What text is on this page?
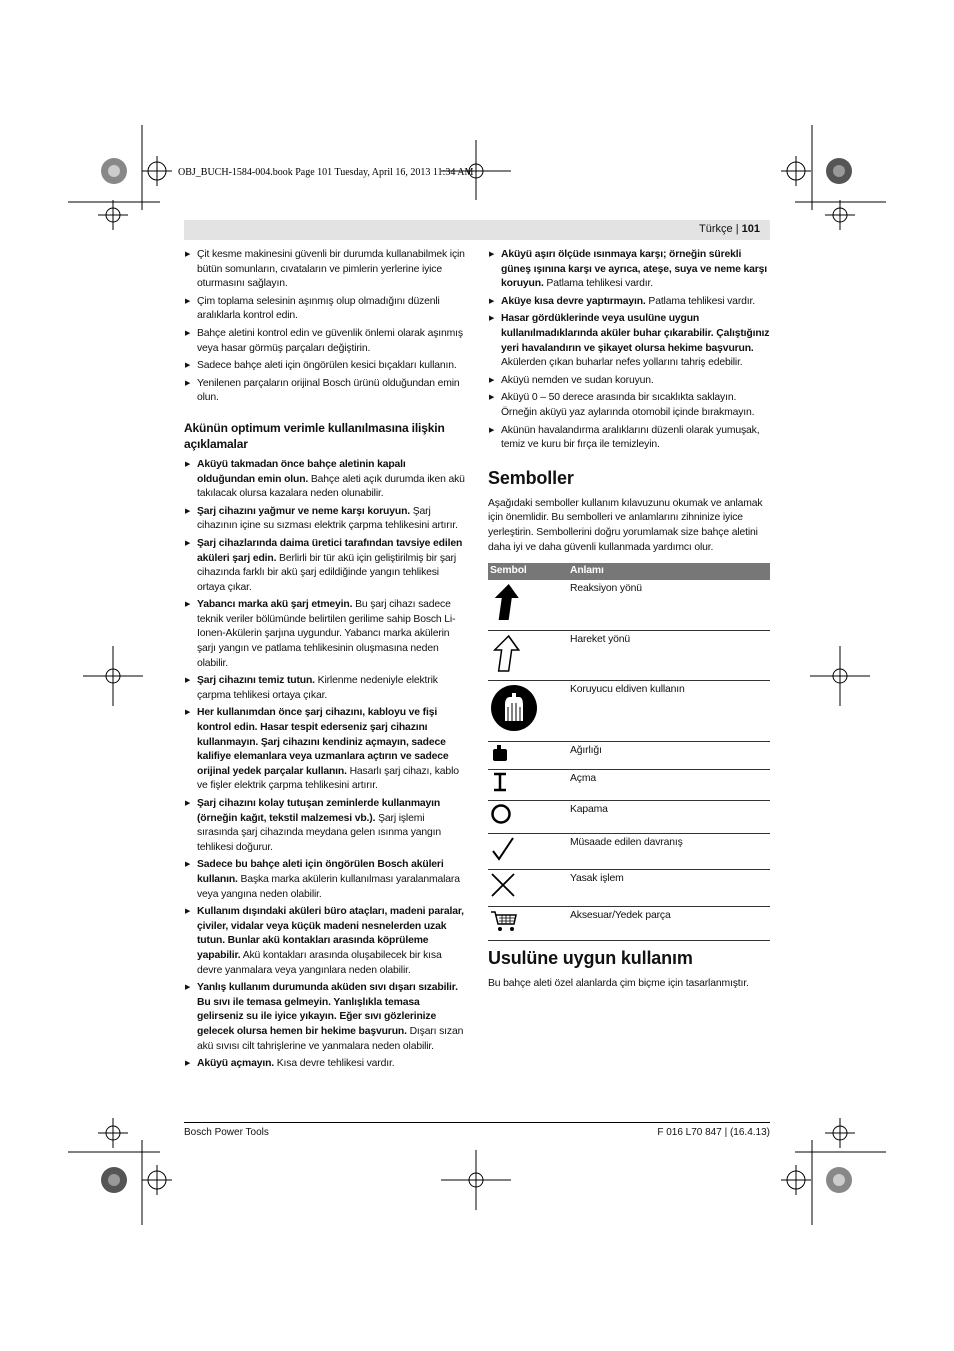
OBJ_BUCH-1584-004.book Page 101 Tuesday, April 16, 2013 11:34 AM
Türkçe | 101
▶ Çit kesme makinesini güvenli bir durumda kullanabilmek için bütün somunların, cıvataların ve pimlerin yerlerine iyice oturmasını sağlayın.
▶ Çim toplama selesinin aşınmış olup olmadığını düzenli aralıklarla kontrol edin.
▶ Bahçe aletini kontrol edin ve güvenlik önlemi olarak aşınmış veya hasar görmüş parçaları değiştirin.
▶ Sadece bahçe aleti için öngörülen kesici bıçakları kullanın.
▶ Yenilenen parçaların orijinal Bosch ürünü olduğundan emin olun.
Akünün optimum verimle kullanılmasına ilişkin açıklamalar
▶ Aküyü takmadan önce bahçe aletinin kapalı olduğundan emin olun. Bahçe aleti açık durumda iken akü takılacak olursa kazalara neden olunabilir.
▶ Şarj cihazını yağmur ve neme karşı koruyun. Şarj cihazının içine su sızması elektrik çarpma tehlikesini artırır.
▶ Şarj cihazlarında daima üretici tarafından tavsiye edilen aküleri şarj edin. Berlirli bir tür akü için geliştirilmiş bir şarj cihazında farklı bir akü şarj edildiğinde yangın tehlikesi ortaya çıkar.
▶ Yabancı marka akü şarj etmeyin. Bu şarj cihazı sadece teknik veriler bölümünde belirtilen gerilime sahip Bosch Li-Ionen-Akülerin şarjına uygundur. Yabancı marka akülerin şarjı yangın ve patlama tehlikesinin oluşmasına neden olabilir.
▶ Şarj cihazını temiz tutun. Kirlenme nedeniyle elektrik çarpma tehlikesi ortaya çıkar.
▶ Her kullanımdan önce şarj cihazını, kabloyu ve fişi kontrol edin. Hasar tespit ederseniz şarj cihazını kullanmayın. Şarj cihazını kendiniz açmayın, sadece kalifiye elemanlara veya uzmanlara açtırın ve sadece orijinal yedek parçalar kullanın. Hasarlı şarj cihazı, kablo ve fişler elektrik çarpma tehlikesini artırır.
▶ Şarj cihazını kolay tutuşan zeminlerde kullanmayın (örneğin kağıt, tekstil malzemesi vb.). Şarj işlemi sırasında şarj cihazında meydana gelen ısınma yangın tehlikesi doğurur.
▶ Sadece bu bahçe aleti için öngörülen Bosch aküleri kullanın. Başka marka akülerin kullanılması yaralanmalara veya yangına neden olabilir.
▶ Kullanım dışındaki aküleri büro ataçları, madeni paralar, çiviler, vidalar veya küçük madeni nesnelerden uzak tutun. Bunlar akü kontakları arasında köprüleme yapabilir. Akü kontakları arasında oluşabilecek bir kısa devre yanmalara veya yangınlara neden olabilir.
▶ Yanlış kullanım durumunda aküden sıvı dışarı sızabilir. Bu sıvı ile temasa gelmeyin. Yanlışlıkla temasa gelirseniz su ile iyice yıkayın. Eğer sıvı gözlerinize gelecek olursa hemen bir hekime başvurun. Dışarı sızan akü sıvısı cilt tahrişlerine ve yanmalara neden olabilir.
▶ Aküyü açmayın. Kısa devre tehlikesi vardır.
▶ Aküyü aşırı ölçüde ısınmaya karşı; örneğin sürekli güneş ışınına karşı ve ayrıca, ateşe, suya ve neme karşı koruyun. Patlama tehlikesi vardır.
▶ Aküye kısa devre yaptırmayın. Patlama tehlikesi vardır.
▶ Hasar gördüklerinde veya usulüne uygun kullanılmadıklarında aküler buhar çıkarabilir. Çalıştığınız yeri havalandırın ve şikayet olursa hekime başvurun. Akülerden çıkan buharlar nefes yollarını tahriş edebilir.
▶ Aküyü nemden ve sudan koruyun.
▶ Aküyü 0 – 50 derece arasında bir sıcaklıkta saklayın. Örneğin aküyü yaz aylarında otomobil içinde bırakmayın.
▶ Akünün havalandırma aralıklarını düzenli olarak yumuşak, temiz ve kuru bir fırça ile temizleyin.
Semboller

Aşağıdaki semboller kullanım kılavuzunu okumak ve anlamak için önemlidir. Bu sembolleri ve anlamlarını zihninize iyice yerleştirin. Sembollerini doğru yorumlamak size bahçe aletini daha iyi ve daha güvenli kullanmada yardımcı olur.

Sembol	Anlamı
	Reaksiyon yönü
	Hareket yönü
	Koruyucu eldiven kullanın
	Ağırlığı
	Açma
	Kapama
	Müsaade edilen davranış
	Yasak işlem
	Aksesuar/Yedek parça
Usulüne uygun kullanım

Bu bahçe aleti özel alanlarda çim biçme için tasarlanmıştır.

Bosch Power Tools	F 016 L70 847 | (16.4.13)
